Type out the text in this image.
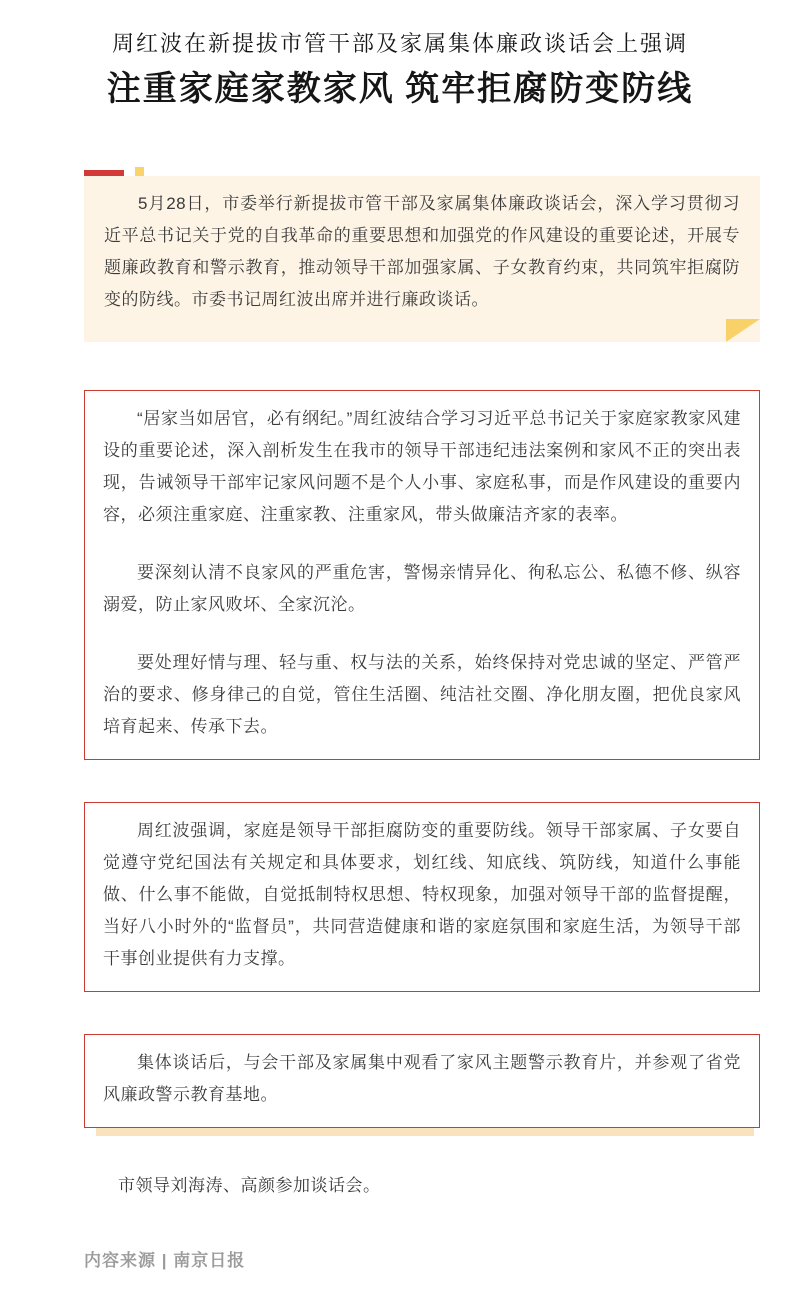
周红波在新提拔市管干部及家属集体廉政谈话会上强调
注重家庭家教家风 筑牢拒腐防变防线

5月28日，市委举行新提拔市管干部及家属集体廉政谈话会，深入学习贯彻习近平总书记关于党的自我革命的重要思想和加强党的作风建设的重要论述，开展专题廉政教育和警示教育，推动领导干部加强家属、子女教育约束，共同筑牢拒腐防变的防线。市委书记周红波出席并进行廉政谈话。

“居家当如居官，必有纲纪。”周红波结合学习习近平总书记关于家庭家教家风建设的重要论述，深入剖析发生在我市的领导干部违纪违法案例和家风不正的突出表现，告诫领导干部牢记家风问题不是个人小事、家庭私事，而是作风建设的重要内容，必须注重家庭、注重家教、注重家风，带头做廉洁齐家的表率。

要深刻认清不良家风的严重危害，警惕亲情异化、徇私忘公、私德不修、纵容溺爱，防止家风败坏、全家沉沦。

要处理好情与理、轻与重、权与法的关系，始终保持对党忠诚的坚定、严管严治的要求、修身律己的自觉，管住生活圈、纯洁社交圈、净化朋友圈，把优良家风培育起来、传承下去。

周红波强调，家庭是领导干部拒腐防变的重要防线。领导干部家属、子女要自觉遵守党纪国法有关规定和具体要求，划红线、知底线、筑防线，知道什么事能做、什么事不能做，自觉抵制特权思想、特权现象，加强对领导干部的监督提醒，当好八小时外的“监督员”，共同营造健康和谐的家庭氛围和家庭生活，为领导干部干事创业提供有力支撑。

集体谈话后，与会干部及家属集中观看了家风主题警示教育片，并参观了省党风廉政警示教育基地。

市领导刘海涛、高颜参加谈话会。

内容来源 | 南京日报
